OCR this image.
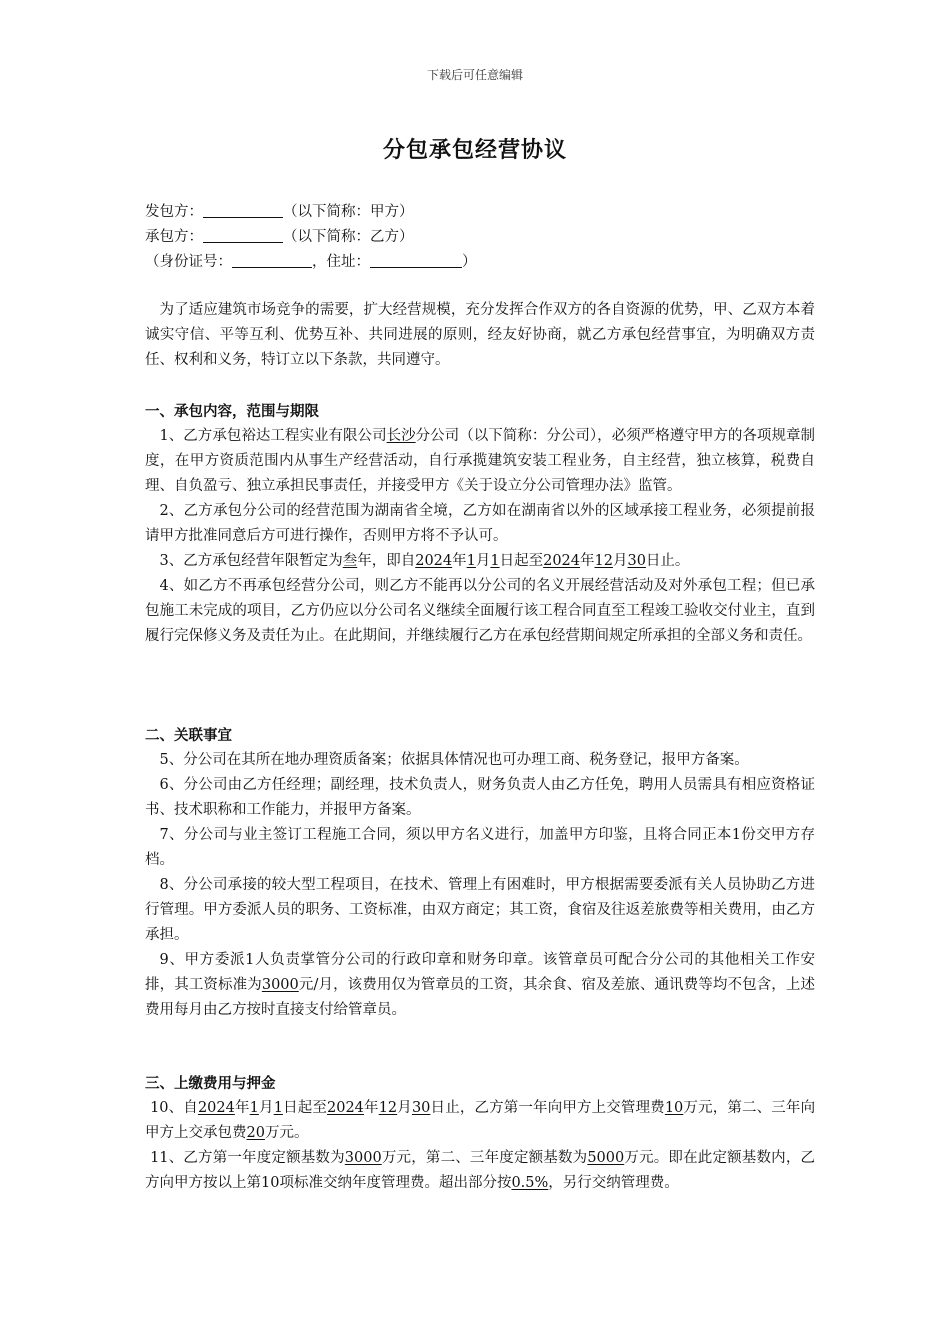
下载后可任意编辑
分包承包经营协议
发包方：	（以下简称：甲方）
承包方：	（以下简称：乙方）
（身份证号：	，住址：	）

为了适应建筑市场竞争的需要，扩大经营规模，充分发挥合作双方的各自资源的优势，甲、乙双方本着诚实守信、平等互利、优势互补、共同进展的原则，经友好协商，就乙方承包经营事宜，为明确双方责任、权利和义务，特订立以下条款，共同遵守。

一、承包内容，范围与期限

1、乙方承包裕达工程实业有限公司长沙分公司（以下简称：分公司），必须严格遵守甲方的各项规章制度，在甲方资质范围内从事生产经营活动，自行承揽建筑安装工程业务，自主经营，独立核算，税费自理、自负盈亏、独立承担民事责任，并接受甲方《关于设立分公司管理办法》监管。

2、乙方承包分公司的经营范围为湖南省全境，乙方如在湖南省以外的区域承接工程业务，必须提前报请甲方批准同意后方可进行操作，否则甲方将不予认可。

3、乙方承包经营年限暂定为叁年，即自2024年1月1日起至2024年12月30日止。

4、如乙方不再承包经营分公司，则乙方不能再以分公司的名义开展经营活动及对外承包工程；但已承包施工未完成的项目，乙方仍应以分公司名义继续全面履行该工程合同直至工程竣工验收交付业主，直到履行完保修义务及责任为止。在此期间，并继续履行乙方在承包经营期间规定所承担的全部义务和责任。

二、关联事宜

5、分公司在其所在地办理资质备案；依据具体情况也可办理工商、税务登记，报甲方备案。

6、分公司由乙方任经理；副经理，技术负责人，财务负责人由乙方任免，聘用人员需具有相应资格证书、技术职称和工作能力，并报甲方备案。

7、分公司与业主签订工程施工合同，须以甲方名义进行，加盖甲方印鉴，且将合同正本1份交甲方存档。

8、分公司承接的较大型工程项目，在技术、管理上有困难时，甲方根据需要委派有关人员协助乙方进行管理。甲方委派人员的职务、工资标准，由双方商定；其工资，食宿及往返差旅费等相关费用，由乙方承担。

9、甲方委派1人负责掌管分公司的行政印章和财务印章。该管章员可配合分公司的其他相关工作安排，其工资标准为3000元/月，该费用仅为管章员的工资，其余食、宿及差旅、通讯费等均不包含，上述费用每月由乙方按时直接支付给管章员。

三、上缴费用与押金

10、自2024年1月1日起至2024年12月30日止，乙方第一年向甲方上交管理费10万元，第二、三年向甲方上交承包费20万元。

11、乙方第一年度定额基数为3000万元，第二、三年度定额基数为5000万元。即在此定额基数内，乙方向甲方按以上第10项标准交纳年度管理费。超出部分按0.5%，另行交纳管理费。
